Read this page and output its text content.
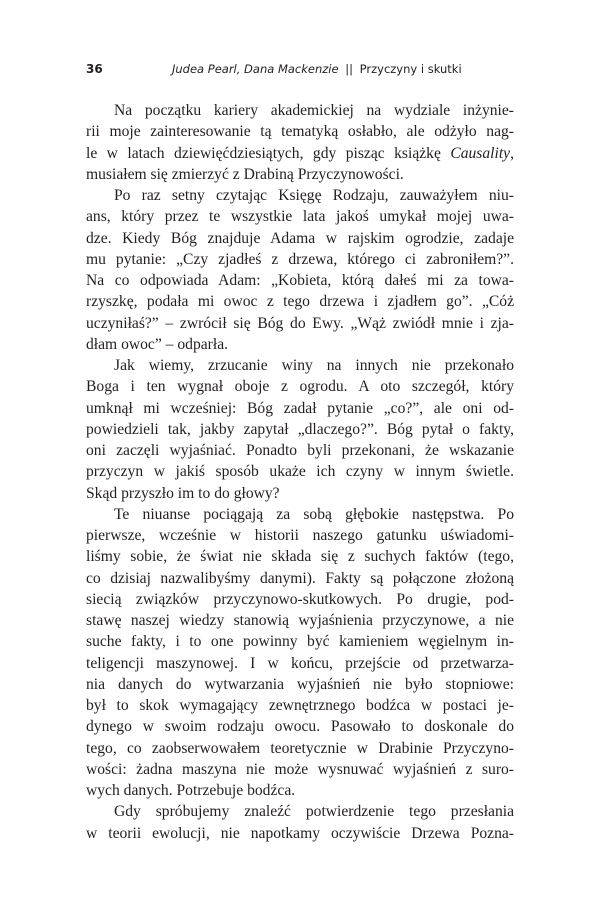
36	Judea Pearl, Dana Mackenzie || Przyczyny i skutki
Na początku kariery akademickiej na wydziale inżynie-
rii moje zainteresowanie tą tematyką osłabło, ale odżyło nag-
le w latach dziewięćdziesiątych, gdy pisząc książkę Causality,
musiałem się zmierzyć z Drabiną Przyczynowości.
Po raz setny czytając Księgę Rodzaju, zauważyłem niu-
ans, który przez te wszystkie lata jakoś umykał mojej uwa-
dze. Kiedy Bóg znajduje Adama w rajskim ogrodzie, zadaje
mu pytanie: „Czy zjadłeś z drzewa, którego ci zabroniłem?”.
Na co odpowiada Adam: „Kobieta, którą dałeś mi za towa-
rzyszkę, podała mi owoc z tego drzewa i zjadłem go”. „Cóż
uczyniłaś?” – zwrócił się Bóg do Ewy. „Wąż zwiódł mnie i zja-
dłam owoc” – odparła.
Jak wiemy, zrzucanie winy na innych nie przekonało
Boga i ten wygnał oboje z ogrodu. A oto szczegół, który
umknął mi wcześniej: Bóg zadał pytanie „co?”, ale oni od-
powiedzieli tak, jakby zapytał „dlaczego?”. Bóg pytał o fakty,
oni zaczęli wyjaśniać. Ponadto byli przekonani, że wskazanie
przyczyn w jakiś sposób ukaże ich czyny w innym świetle.
Skąd przyszło im to do głowy?
Te niuanse pociągają za sobą głębokie następstwa. Po
pierwsze, wcześnie w historii naszego gatunku uświadomi-
liśmy sobie, że świat nie składa się z suchych faktów (tego,
co dzisiaj nazwalibyśmy danymi). Fakty są połączone złożoną
siecią związków przyczynowo-skutkowych. Po drugie, pod-
stawę naszej wiedzy stanowią wyjaśnienia przyczynowe, a nie
suche fakty, i to one powinny być kamieniem węgielnym in-
teligencji maszynowej. I w końcu, przejście od przetwarza-
nia danych do wytwarzania wyjaśnień nie było stopniowe:
był to skok wymagający zewnętrznego bodźca w postaci je-
dynego w swoim rodzaju owocu. Pasowało to doskonale do
tego, co zaobserwowałem teoretycznie w Drabinie Przyczyno-
wości: żadna maszyna nie może wysnuwać wyjaśnień z suro-
wych danych. Potrzebuje bodźca.
Gdy spróbujemy znaleźć potwierdzenie tego przesłania
w teorii ewolucji, nie napotkamy oczywiście Drzewa Pozna-
